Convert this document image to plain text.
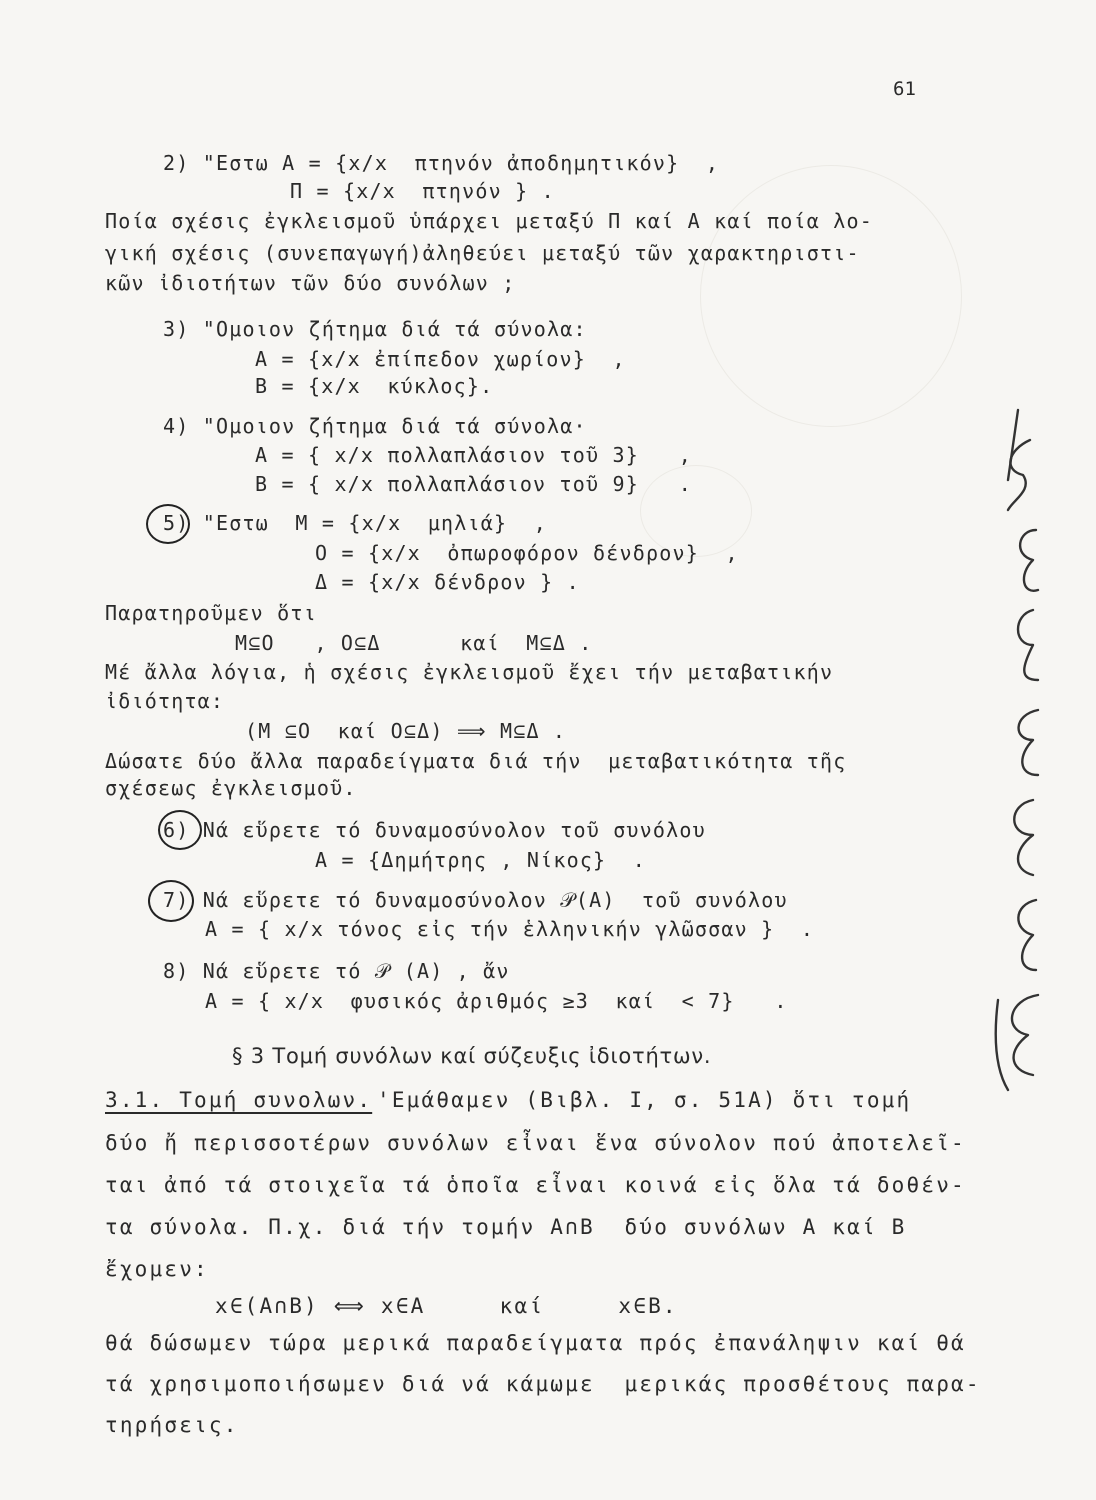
61
2) "Εστω A = {x/x  πτηνόν ἀποδημητικόν}  ,
Π = {x/x  πτηνόν } .
Ποία σχέσις ἐγκλεισμοῦ ὑπάρχει μεταξύ Π καί A καί ποία λο-
γική σχέσις (συνεπαγωγή)ἀληθεύει μεταξύ τῶν χαρακτηριστι-
κῶν ἰδιοτήτων τῶν δύο συνόλων ;
3) "Ομοιον ζήτημα διά τά σύνολα:
A = {x/x ἐπίπεδον χωρίον}  ,
B = {x/x  κύκλος}.
4) "Ομοιον ζήτημα διά τά σύνολα·
A = { x/x πολλαπλάσιον τοῦ 3}   ,
B = { x/x πολλαπλάσιον τοῦ 9}   .
5) "Εστω  M = {x/x  μηλιά}  ,
O = {x/x  ὀπωροφόρον δένδρον}  ,
Δ = {x/x δένδρον } .
Παρατηροῦμεν ὅτι
M⊆O   , O⊆Δ      καί  M⊆Δ .
Μέ ἄλλα λόγια, ἡ σχέσις ἐγκλεισμοῦ ἔχει τήν μεταβατικήν
ἰδιότητα:
(M ⊆O  καί O⊆Δ) ⟹ M⊆Δ .
Δώσατε δύο ἄλλα παραδείγματα διά τήν  μεταβατικότητα τῆς
σχέσεως ἐγκλεισμοῦ.
6) Νά εὕρετε τό δυναμοσύνολον τοῦ συνόλου
A = {Δημήτρης , Νίκος}  .
7) Νά εὕρετε τό δυναμοσύνολον 𝒫(A)  τοῦ συνόλου
A = { x/x τόνος εἰς τήν ἑλληνικήν γλῶσσαν }  .
8) Νά εὕρετε τό 𝒫 (A) , ἄν
A = { x/x  φυσικός ἀριθμός ≥3  καί  < 7}   .
§ 3 Τομή συνόλων καί σύζευξις ἰδιοτήτων.
3.1. Τομή συνολων. 'Εμάθαμεν (Βιβλ. I, σ. 51A) ὅτι τομή
δύο ἤ περισσοτέρων συνόλων εἶναι ἕνα σύνολον πού ἀποτελεῖ-
ται ἀπό τά στοιχεῖα τά ὁποῖα εἶναι κοινά εἰς ὅλα τά δοθέν-
τα σύνολα. Π.χ. διά τήν τομήν A∩B  δύο συνόλων A καί B
ἔχομεν:
x∈(A∩B) ⟺ x∈A     καί     x∈B.
θά δώσωμεν τώρα μερικά παραδείγματα πρός ἐπανάληψιν καί θά
τά χρησιμοποιήσωμεν διά νά κάμωμε  μερικάς προσθέτους παρα-
τηρήσεις.
